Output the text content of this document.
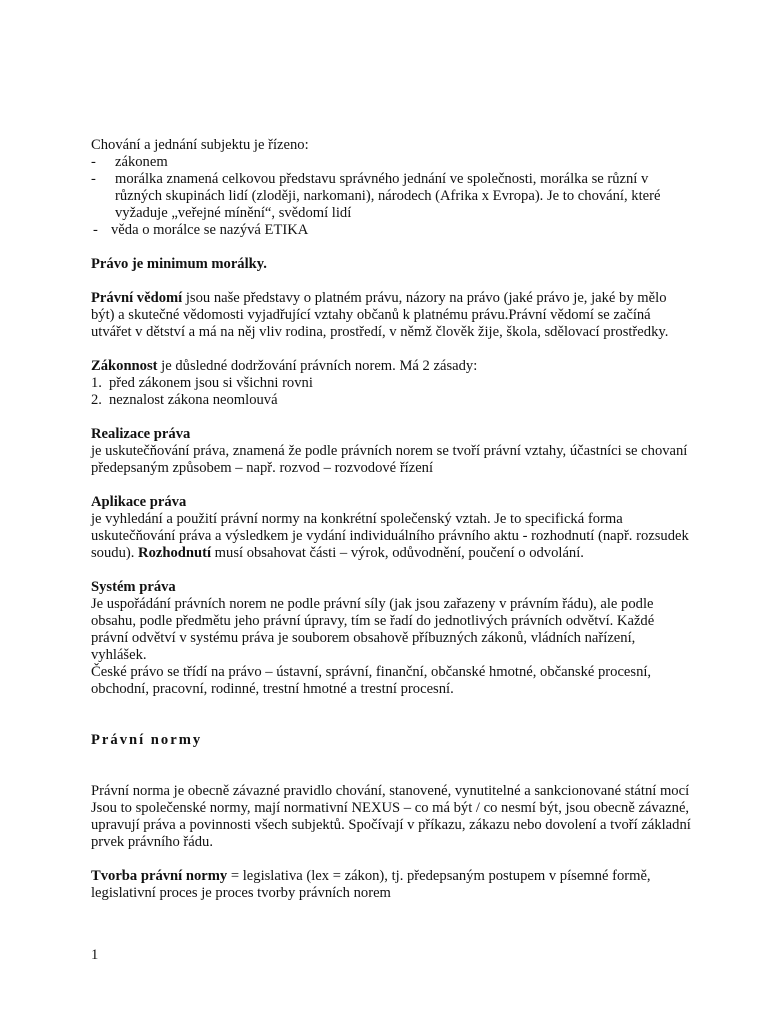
Chování a jednání subjektu je řízeno:

- zákonem
- morálka znamená celkovou představu správného jednání ve společnosti, morálka se různí v různých skupinách lidí (zloději, narkomani), národech (Afrika x Evropa). Je to chování, které vyžaduje „veřejné mínění“, svědomí lidí
- věda o morálce se nazývá ETIKA

Právo je minimum morálky.

Právní vědomí jsou naše představy o platném právu, názory na právo (jaké právo je, jaké by mělo být) a skutečné vědomosti vyjadřující vztahy občanů k platnému právu.Právní vědomí se začíná utvářet v dětství a má na něj vliv rodina, prostředí, v němž člověk žije, škola, sdělovací prostředky.

Zákonnost je důsledné dodržování právních norem. Má 2 zásady:

1. před zákonem jsou si všichni rovni
2. neznalost zákona neomlouvá

Realizace práva

je uskutečňování práva, znamená že podle právních norem se tvoří právní vztahy, účastníci se chovaní předepsaným způsobem – např. rozvod – rozvodové řízení

Aplikace práva

je vyhledání a použití právní normy na konkrétní společenský vztah. Je to specifická forma uskutečňování práva a výsledkem je vydání individuálního právního aktu - rozhodnutí (např. rozsudek soudu). Rozhodnutí musí obsahovat části – výrok, odůvodnění, poučení o odvolání.

Systém práva

Je uspořádání právních norem ne podle právní síly (jak jsou zařazeny v právním řádu), ale podle obsahu, podle předmětu jeho právní úpravy, tím se řadí do jednotlivých právních odvětví. Každé právní odvětví v systému práva je souborem obsahově příbuzných zákonů, vládních nařízení, vyhlášek.

České právo se třídí na právo – ústavní, správní, finanční, občanské hmotné, občanské procesní, obchodní, pracovní, rodinné, trestní hmotné a trestní procesní.

Právní normy

Právní norma je obecně závazné pravidlo chování, stanovené, vynutitelné a sankcionované státní mocí

Jsou to společenské normy, mají normativní NEXUS – co má být / co nesmí být, jsou obecně závazné, upravují práva a povinnosti všech subjektů. Spočívají v příkazu, zákazu nebo dovolení a tvoří základní prvek právního řádu.

Tvorba právní normy = legislativa (lex = zákon), tj. předepsaným postupem v písemné formě, legislativní proces je proces tvorby právních norem

1
